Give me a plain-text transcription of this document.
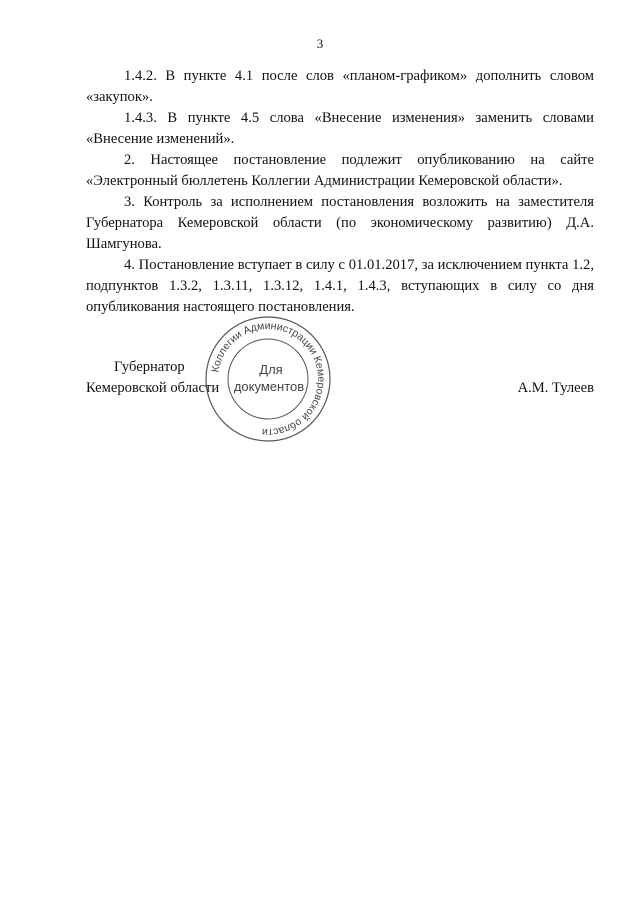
3

1.4.2. В пункте 4.1 после слов «планом-графиком» дополнить словом «закупок».

1.4.3. В пункте 4.5 слова «Внесение изменения» заменить словами «Внесение изменений».

2. Настоящее постановление подлежит опубликованию на сайте «Электронный бюллетень Коллегии Администрации Кемеровской области».

3. Контроль за исполнением постановления возложить на заместителя Губернатора Кемеровской области (по экономическому развитию) Д.А. Шамгунова.

4. Постановление вступает в силу с 01.01.2017, за исключением пункта 1.2, подпунктов 1.3.2, 1.3.11, 1.3.12, 1.4.1, 1.4.3, вступающих в силу со дня опубликования настоящего постановления.

Губернатор
Кемеровской области	А.М. Тулеев
Коллегии Администрации Кемеровской области
Для
документов
